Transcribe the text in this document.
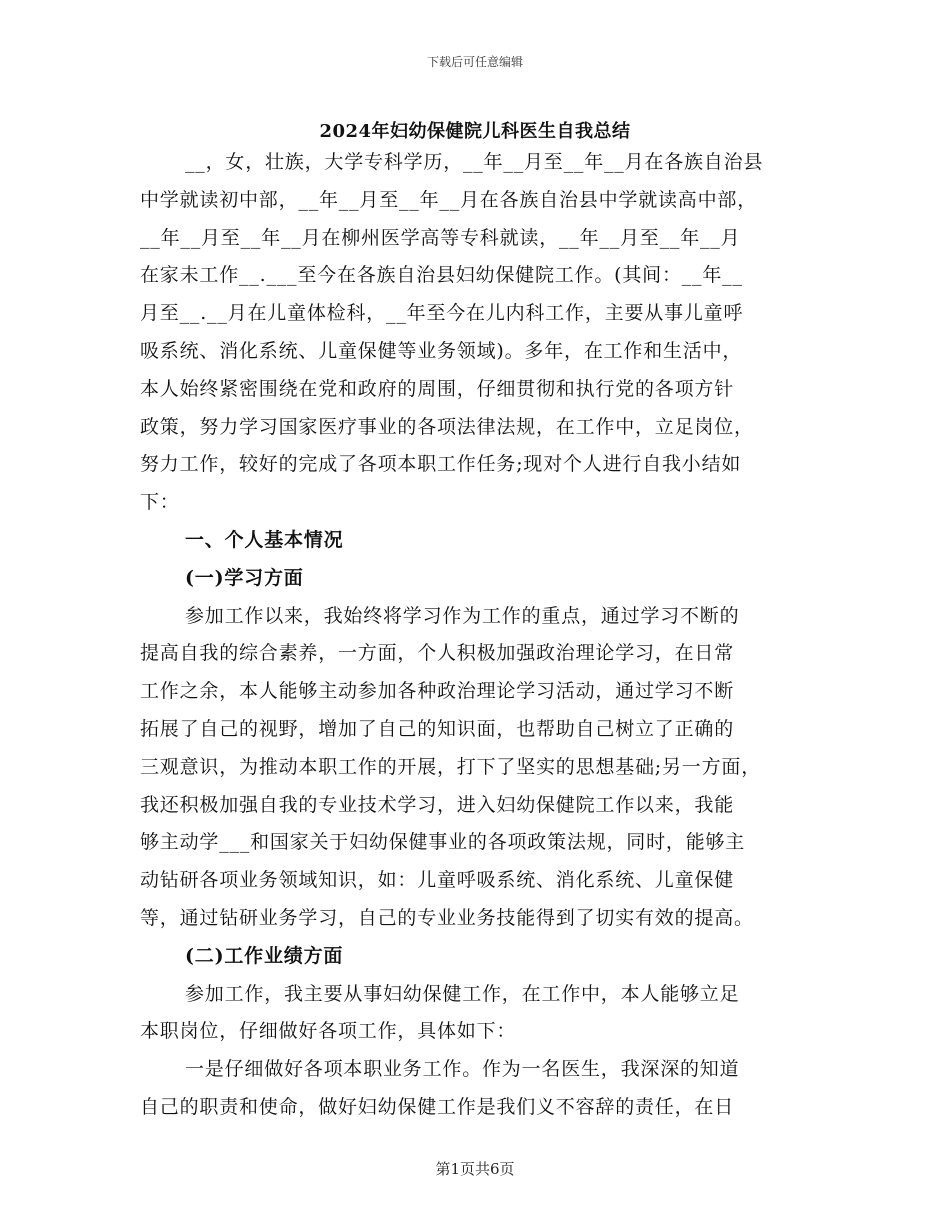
下载后可任意编辑
2024年妇幼保健院儿科医生自我总结
__，女，壮族，大学专科学历，__年__月至__年__月在各族自治县
中学就读初中部，__年__月至__年__月在各族自治县中学就读高中部，
__年__月至__年__月在柳州医学高等专科就读，__年__月至__年__月
在家未工作__.___至今在各族自治县妇幼保健院工作。(其间：__年__
月至__.__月在儿童体检科，__年至今在儿内科工作，主要从事儿童呼
吸系统、消化系统、儿童保健等业务领域)。多年，在工作和生活中，
本人始终紧密围绕在党和政府的周围，仔细贯彻和执行党的各项方针
政策，努力学习国家医疗事业的各项法律法规，在工作中，立足岗位，
努力工作，较好的完成了各项本职工作任务;现对个人进行自我小结如
下：
一、个人基本情况
(一)学习方面
参加工作以来，我始终将学习作为工作的重点，通过学习不断的
提高自我的综合素养，一方面，个人积极加强政治理论学习，在日常
工作之余，本人能够主动参加各种政治理论学习活动，通过学习不断
拓展了自己的视野，增加了自己的知识面，也帮助自己树立了正确的
三观意识，为推动本职工作的开展，打下了坚实的思想基础;另一方面，
我还积极加强自我的专业技术学习，进入妇幼保健院工作以来，我能
够主动学___和国家关于妇幼保健事业的各项政策法规，同时，能够主
动钻研各项业务领域知识，如：儿童呼吸系统、消化系统、儿童保健
等，通过钻研业务学习，自己的专业业务技能得到了切实有效的提高。
(二)工作业绩方面
参加工作，我主要从事妇幼保健工作，在工作中，本人能够立足
本职岗位，仔细做好各项工作，具体如下：
一是仔细做好各项本职业务工作。作为一名医生，我深深的知道
自己的职责和使命，做好妇幼保健工作是我们义不容辞的责任，在日
第1页共6页
